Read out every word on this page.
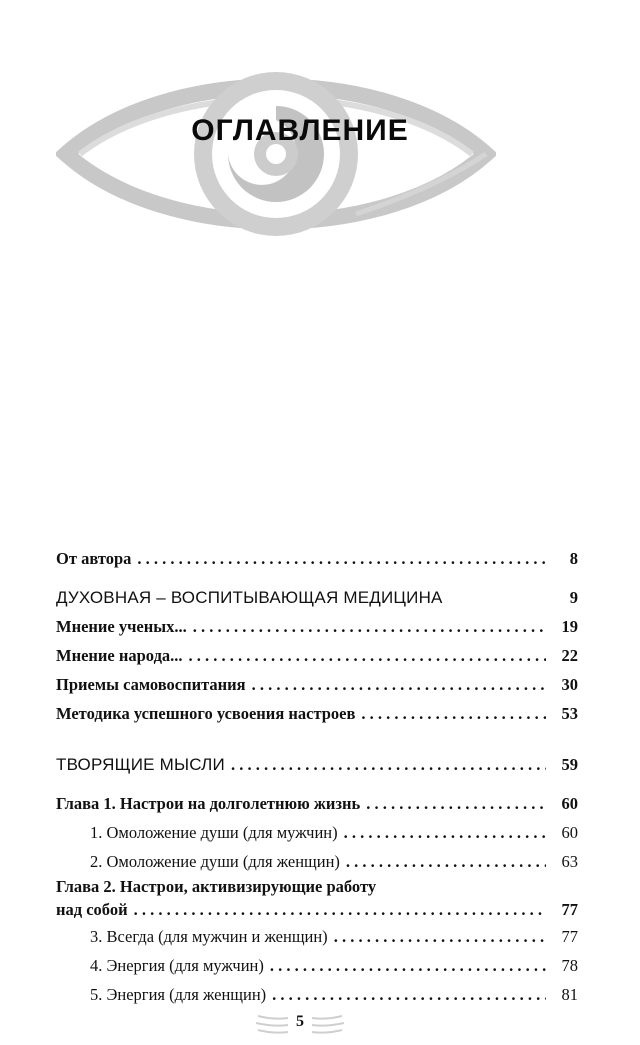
ОГЛАВЛЕНИЕ
От автора . . .	8
ДУХОВНАЯ – ВОСПИТЫВАЮЩАЯ МЕДИЦИНА	9
Мнение ученых... . . .	19
Мнение народа... . . .	22
Приемы самовоспитания . . .	30
Методика успешного усвоения настроев . . .	53
ТВОРЯЩИЕ МЫСЛИ . . .	59
Глава 1. Настрои на долголетнюю жизнь . . .	60
1. Омоложение души (для мужчин) . . .	60
2. Омоложение души (для женщин) . . .	63
Глава 2. Настрои, активизирующие работу
над собой . . .	77
3. Всегда (для мужчин и женщин) . . .	77
4. Энергия (для мужчин) . . .	78
5. Энергия (для женщин) . . .	81
5
